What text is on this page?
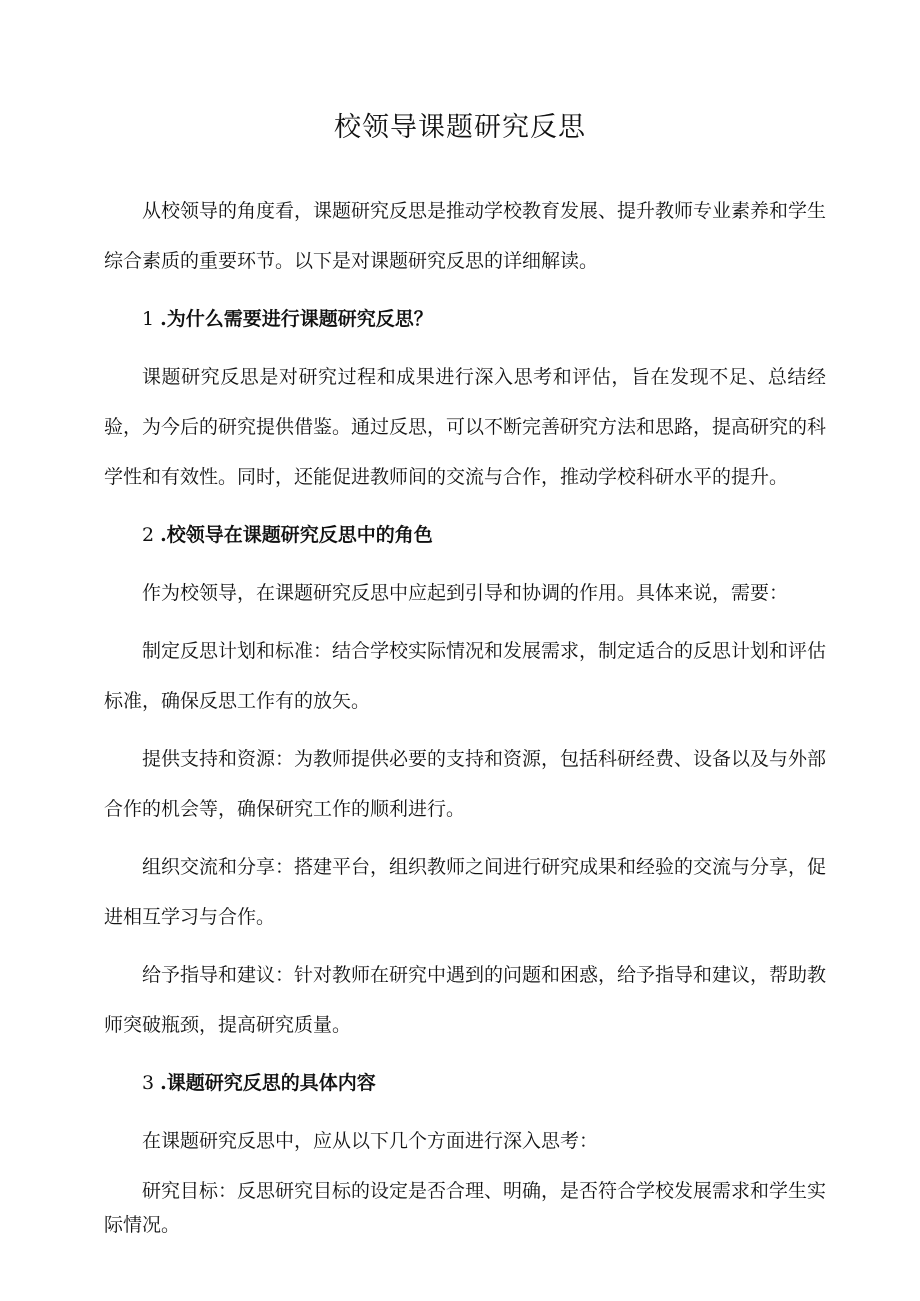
校领导课题研究反思

从校领导的角度看，课题研究反思是推动学校教育发展、提升教师专业素养和学生综合素质的重要环节。以下是对课题研究反思的详细解读。

1 .为什么需要进行课题研究反思？

课题研究反思是对研究过程和成果进行深入思考和评估，旨在发现不足、总结经验，为今后的研究提供借鉴。通过反思，可以不断完善研究方法和思路，提高研究的科学性和有效性。同时，还能促进教师间的交流与合作，推动学校科研水平的提升。

2 .校领导在课题研究反思中的角色

作为校领导，在课题研究反思中应起到引导和协调的作用。具体来说，需要：

制定反思计划和标准：结合学校实际情况和发展需求，制定适合的反思计划和评估标准，确保反思工作有的放矢。

提供支持和资源：为教师提供必要的支持和资源，包括科研经费、设备以及与外部合作的机会等，确保研究工作的顺利进行。

组织交流和分享：搭建平台，组织教师之间进行研究成果和经验的交流与分享，促进相互学习与合作。

给予指导和建议：针对教师在研究中遇到的问题和困惑，给予指导和建议，帮助教师突破瓶颈，提高研究质量。

3 .课题研究反思的具体内容

在课题研究反思中，应从以下几个方面进行深入思考：

研究目标：反思研究目标的设定是否合理、明确，是否符合学校发展需求和学生实际情况。
